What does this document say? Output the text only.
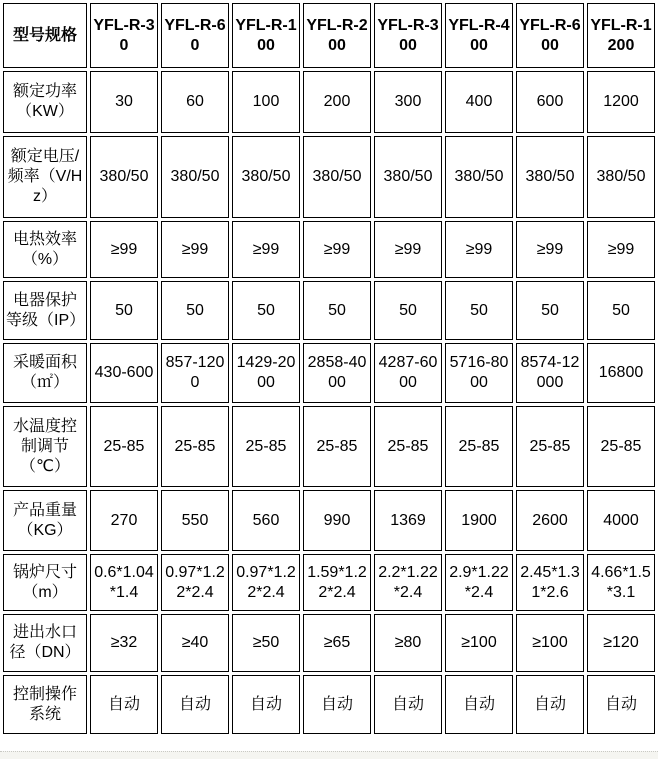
型号规格	YFL-R-30	YFL-R-60	YFL-R-100	YFL-R-200	YFL-R-300	YFL-R-400	YFL-R-600	YFL-R-1200
额定功率（KW）	30	60	100	200	300	400	600	1200
额定电压/频率（V/Hz）	380/50	380/50	380/50	380/50	380/50	380/50	380/50	380/50
电热效率（%）	≥99	≥99	≥99	≥99	≥99	≥99	≥99	≥99
电器保护等级（IP）	50	50	50	50	50	50	50	50
采暖面积（㎡）	430-600	857-1200	1429-2000	2858-4000	4287-6000	5716-8000	8574-12000	16800
水温度控制调节（℃）	25-85	25-85	25-85	25-85	25-85	25-85	25-85	25-85
产品重量（KG）	270	550	560	990	1369	1900	2600	4000
锅炉尺寸（m）	0.6*1.04*1.4	0.97*1.22*2.4	0.97*1.22*2.4	1.59*1.22*2.4	2.2*1.22*2.4	2.9*1.22*2.4	2.45*1.31*2.6	4.66*1.5*3.1
进出水口径（DN）	≥32	≥40	≥50	≥65	≥80	≥100	≥100	≥120
控制操作系统	自动	自动	自动	自动	自动	自动	自动	自动
